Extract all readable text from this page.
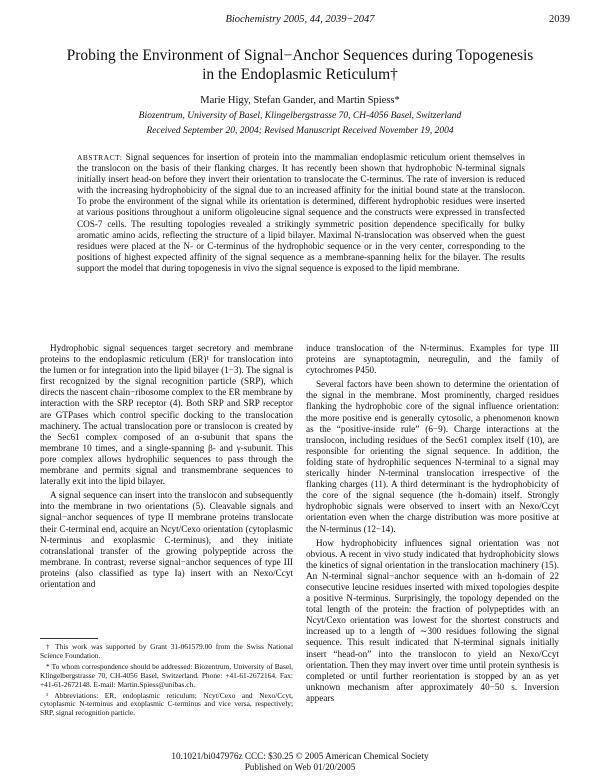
Biochemistry 2005, 44, 2039−2047	2039
Probing the Environment of Signal−Anchor Sequences during Topogenesis in the Endoplasmic Reticulum†
Marie Higy, Stefan Gander, and Martin Spiess*
Biozentrum, University of Basel, Klingelbergstrasse 70, CH-4056 Basel, Switzerland
Received September 20, 2004; Revised Manuscript Received November 19, 2004
ABSTRACT: Signal sequences for insertion of protein into the mammalian endoplasmic reticulum orient themselves in the translocon on the basis of their flanking charges. It has recently been shown that hydrophobic N-terminal signals initially insert head-on before they invert their orientation to translocate the C-terminus. The rate of inversion is reduced with the increasing hydrophobicity of the signal due to an increased affinity for the initial bound state at the translocon. To probe the environment of the signal while its orientation is determined, different hydrophobic residues were inserted at various positions throughout a uniform oligoleucine signal sequence and the constructs were expressed in transfected COS-7 cells. The resulting topologies revealed a strikingly symmetric position dependence specifically for bulky aromatic amino acids, reflecting the structure of a lipid bilayer. Maximal N-translocation was observed when the guest residues were placed at the N- or C-terminus of the hydrophobic sequence or in the very center, corresponding to the positions of highest expected affinity of the signal sequence as a membrane-spanning helix for the bilayer. The results support the model that during topogenesis in vivo the signal sequence is exposed to the lipid membrane.

Hydrophobic signal sequences target secretory and membrane proteins to the endoplasmic reticulum (ER)¹ for translocation into the lumen or for integration into the lipid bilayer (1−3). The signal is first recognized by the signal recognition particle (SRP), which directs the nascent chain−ribosome complex to the ER membrane by interaction with the SRP receptor (4). Both SRP and SRP receptor are GTPases which control specific docking to the translocation machinery. The actual translocation pore or translocon is created by the Sec61 complex composed of an α-subunit that spans the membrane 10 times, and a single-spanning β- and γ-subunit. This pore complex allows hydrophilic sequences to pass through the membrane and permits signal and transmembrane sequences to laterally exit into the lipid bilayer.

A signal sequence can insert into the translocon and subsequently into the membrane in two orientations (5). Cleavable signals and signal−anchor sequences of type II membrane proteins translocate their C-terminal end, acquire an Ncyt/Cexo orientation (cytoplasmic N-terminus and exoplasmic C-terminus), and they initiate cotranslational transfer of the growing polypeptide across the membrane. In contrast, reverse signal−anchor sequences of type III proteins (also classified as type Ia) insert with an Nexo/Ccyt orientation and

induce translocation of the N-terminus. Examples for type III proteins are synaptotagmin, neuregulin, and the family of cytochromes P450.

Several factors have been shown to determine the orientation of the signal in the membrane. Most prominently, charged residues flanking the hydrophobic core of the signal influence orientation: the more positive end is generally cytosolic, a phenomenon known as the “positive-inside rule” (6−9). Charge interactions at the translocon, including residues of the Sec61 complex itself (10), are responsible for orienting the signal sequence. In addition, the folding state of hydrophilic sequences N-terminal to a signal may sterically hinder N-terminal translocation irrespective of the flanking charges (11). A third determinant is the hydrophobicity of the core of the signal sequence (the h-domain) itself. Strongly hydrophobic signals were observed to insert with an Nexo/Ccyt orientation even when the charge distribution was more positive at the N-terminus (12−14).

How hydrophobicity influences signal orientation was not obvious. A recent in vivo study indicated that hydrophobicity slows the kinetics of signal orientation in the translocation machinery (15). An N-terminal signal−anchor sequence with an h-domain of 22 consecutive leucine residues inserted with mixed topologies despite a positive N-terminus. Surprisingly, the topology depended on the total length of the protein: the fraction of polypeptides with an Ncyt/Cexo orientation was lowest for the shortest constructs and increased up to a length of ∼300 residues following the signal sequence. This result indicated that N-terminal signals initially insert “head-on” into the translocon to yield an Nexo/Ccyt orientation. Then they may invert over time until protein synthesis is completed or until further reorientation is stopped by an as yet unknown mechanism after approximately 40−50 s. Inversion appears

† This work was supported by Grant 31-061579.00 from the Swiss National Science Foundation.

* To whom correspondence should be addressed: Biozentrum, University of Basel, Klingelbergstrasse 70, CH-4056 Basel, Switzerland. Phone: +41-61-2672164. Fax: +41-61-2672148. E-mail: Martin.Spiess@unibas.ch.

¹ Abbreviations: ER, endoplasmic reticulum; Ncyt/Cexo and Nexo/Ccyt, cytoplasmic N-terminus and exoplasmic C-terminus and vice versa, respectively; SRP, signal recognition particle.

10.1021/bi047976z CCC: $30.25 © 2005 American Chemical Society
Published on Web 01/20/2005
